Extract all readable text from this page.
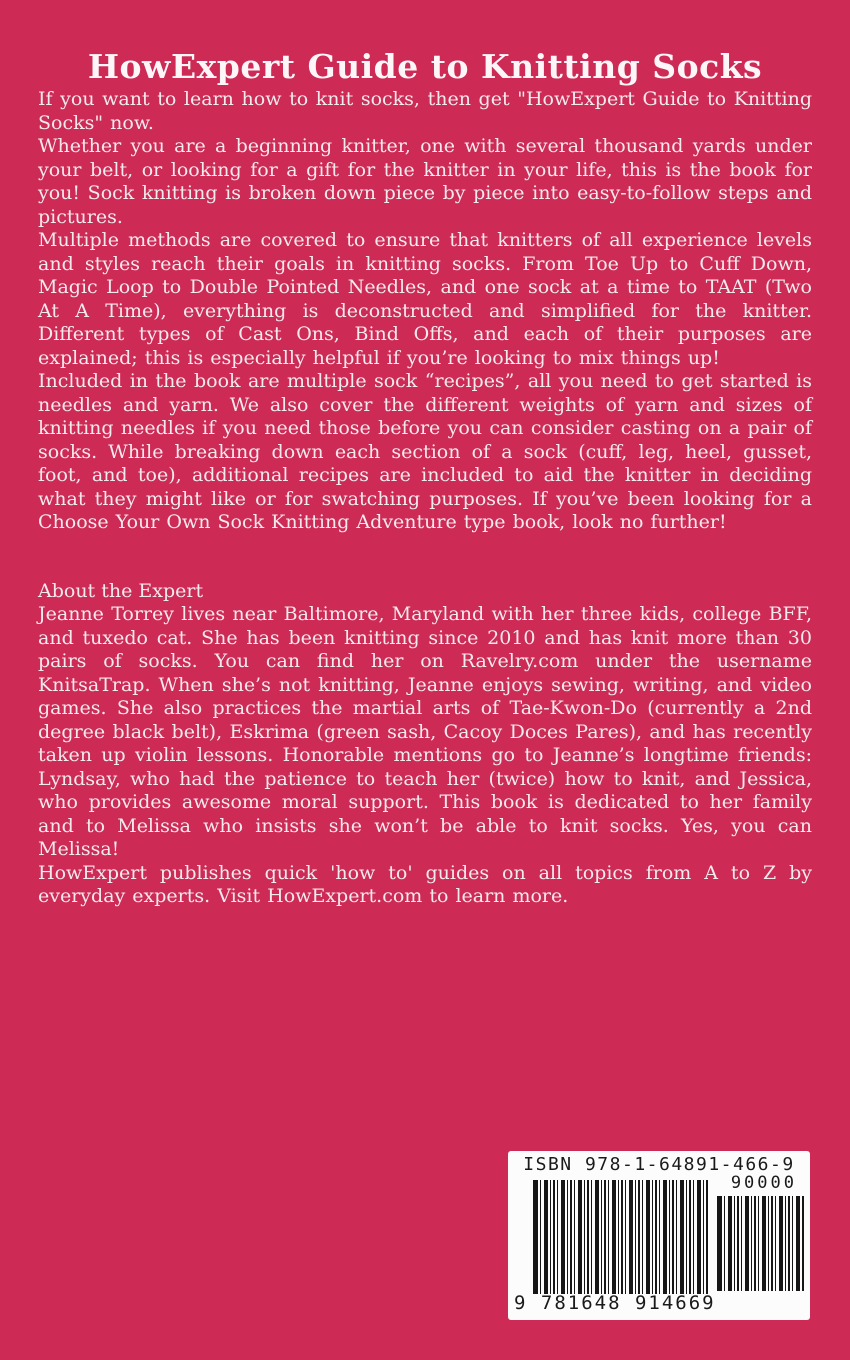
HowExpert Guide to Knitting Socks

If you want to learn how to knit socks, then get "HowExpert Guide to Knitting Socks" now.

Whether you are a beginning knitter, one with several thousand yards under your belt, or looking for a gift for the knitter in your life, this is the book for you! Sock knitting is broken down piece by piece into easy-to-follow steps and pictures.

Multiple methods are covered to ensure that knitters of all experience levels and styles reach their goals in knitting socks. From Toe Up to Cuff Down, Magic Loop to Double Pointed Needles, and one sock at a time to TAAT (Two At A Time), everything is deconstructed and simplified for the knitter. Different types of Cast Ons, Bind Offs, and each of their purposes are explained; this is especially helpful if you’re looking to mix things up!

Included in the book are multiple sock “recipes”, all you need to get started is needles and yarn. We also cover the different weights of yarn and sizes of knitting needles if you need those before you can consider casting on a pair of socks. While breaking down each section of a sock (cuff, leg, heel, gusset, foot, and toe), additional recipes are included to aid the knitter in deciding what they might like or for swatching purposes. If you’ve been looking for a Choose Your Own Sock Knitting Adventure type book, look no further!

About the Expert

Jeanne Torrey lives near Baltimore, Maryland with her three kids, college BFF, and tuxedo cat. She has been knitting since 2010 and has knit more than 30 pairs of socks. You can find her on Ravelry.com under the username KnitsaTrap. When she’s not knitting, Jeanne enjoys sewing, writing, and video games. She also practices the martial arts of Tae-Kwon-Do (currently a 2nd degree black belt), Eskrima (green sash, Cacoy Doces Pares), and has recently taken up violin lessons. Honorable mentions go to Jeanne’s longtime friends: Lyndsay, who had the patience to teach her (twice) how to knit, and Jessica, who provides awesome moral support. This book is dedicated to her family and to Melissa who insists she won’t be able to knit socks. Yes, you can Melissa!

HowExpert publishes quick 'how to' guides on all topics from A to Z by everyday experts. Visit HowExpert.com to learn more.

ISBN 978-1-64891-466-9
90000
9 781648 914669
